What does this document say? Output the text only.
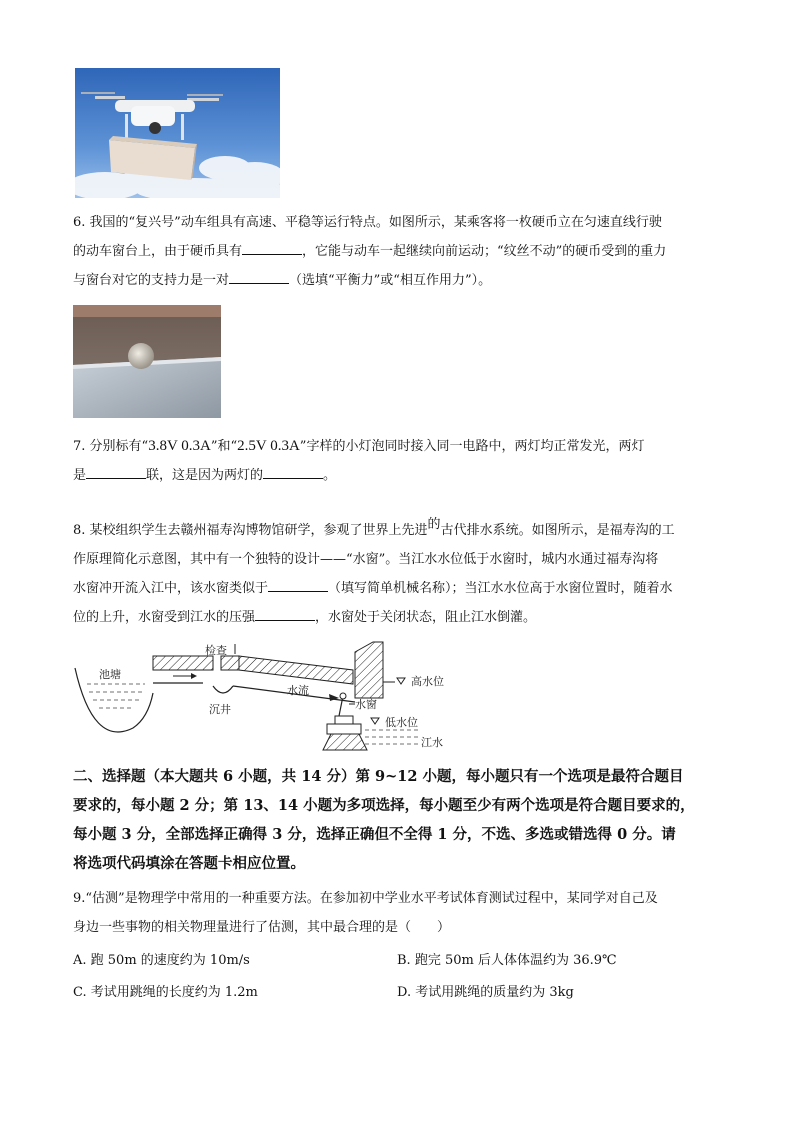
6. 我国的“复兴号”动车组具有高速、平稳等运行特点。如图所示，某乘客将一枚硬币立在匀速直线行驶

的动车窗台上，由于硬币具有	，它能与动车一起继续向前运动；“纹丝不动”的硬币受到的重力

与窗台对它的支持力是一对	（选填“平衡力”或“相互作用力”）。

7. 分别标有“3.8V 0.3A”和“2.5V 0.3A”字样的小灯泡同时接入同一电路中，两灯均正常发光，两灯

是	联，这是因为两灯的	。

8. 某校组织学生去赣州福寿沟博物馆研学，参观了世界上先进的古代排水系统。如图所示，是福寿沟的工

作原理简化示意图，其中有一个独特的设计——“水窗”。当江水水位低于水窗时，城内水通过福寿沟将

水窗冲开流入江中，该水窗类似于	（填写简单机械名称）；当江水水位高于水窗位置时，随着水

位的上升，水窗受到江水的压强	，水窗处于关闭状态，阻止江水倒灌。

池塘
检查
沉井
水流
水窗
高水位
低水位
江水

二、选择题（本大题共 6 小题，共 14 分）第 9~12 小题，每小题只有一个选项是最符合题目

要求的，每小题 2 分；第 13、14 小题为多项选择，每小题至少有两个选项是符合题目要求的，

每小题 3 分，全部选择正确得 3 分，选择正确但不全得 1 分，不选、多选或错选得 0 分。请

将选项代码填涂在答题卡相应位置。

9.“估测”是物理学中常用的一种重要方法。在参加初中学业水平考试体育测试过程中，某同学对自己及

身边一些事物的相关物理量进行了估测，其中最合理的是（　　）

A. 跑 50m 的速度约为 10m/s	B. 跑完 50m 后人体体温约为 36.9℃
C. 考试用跳绳的长度约为 1.2m	D. 考试用跳绳的质量约为 3kg
